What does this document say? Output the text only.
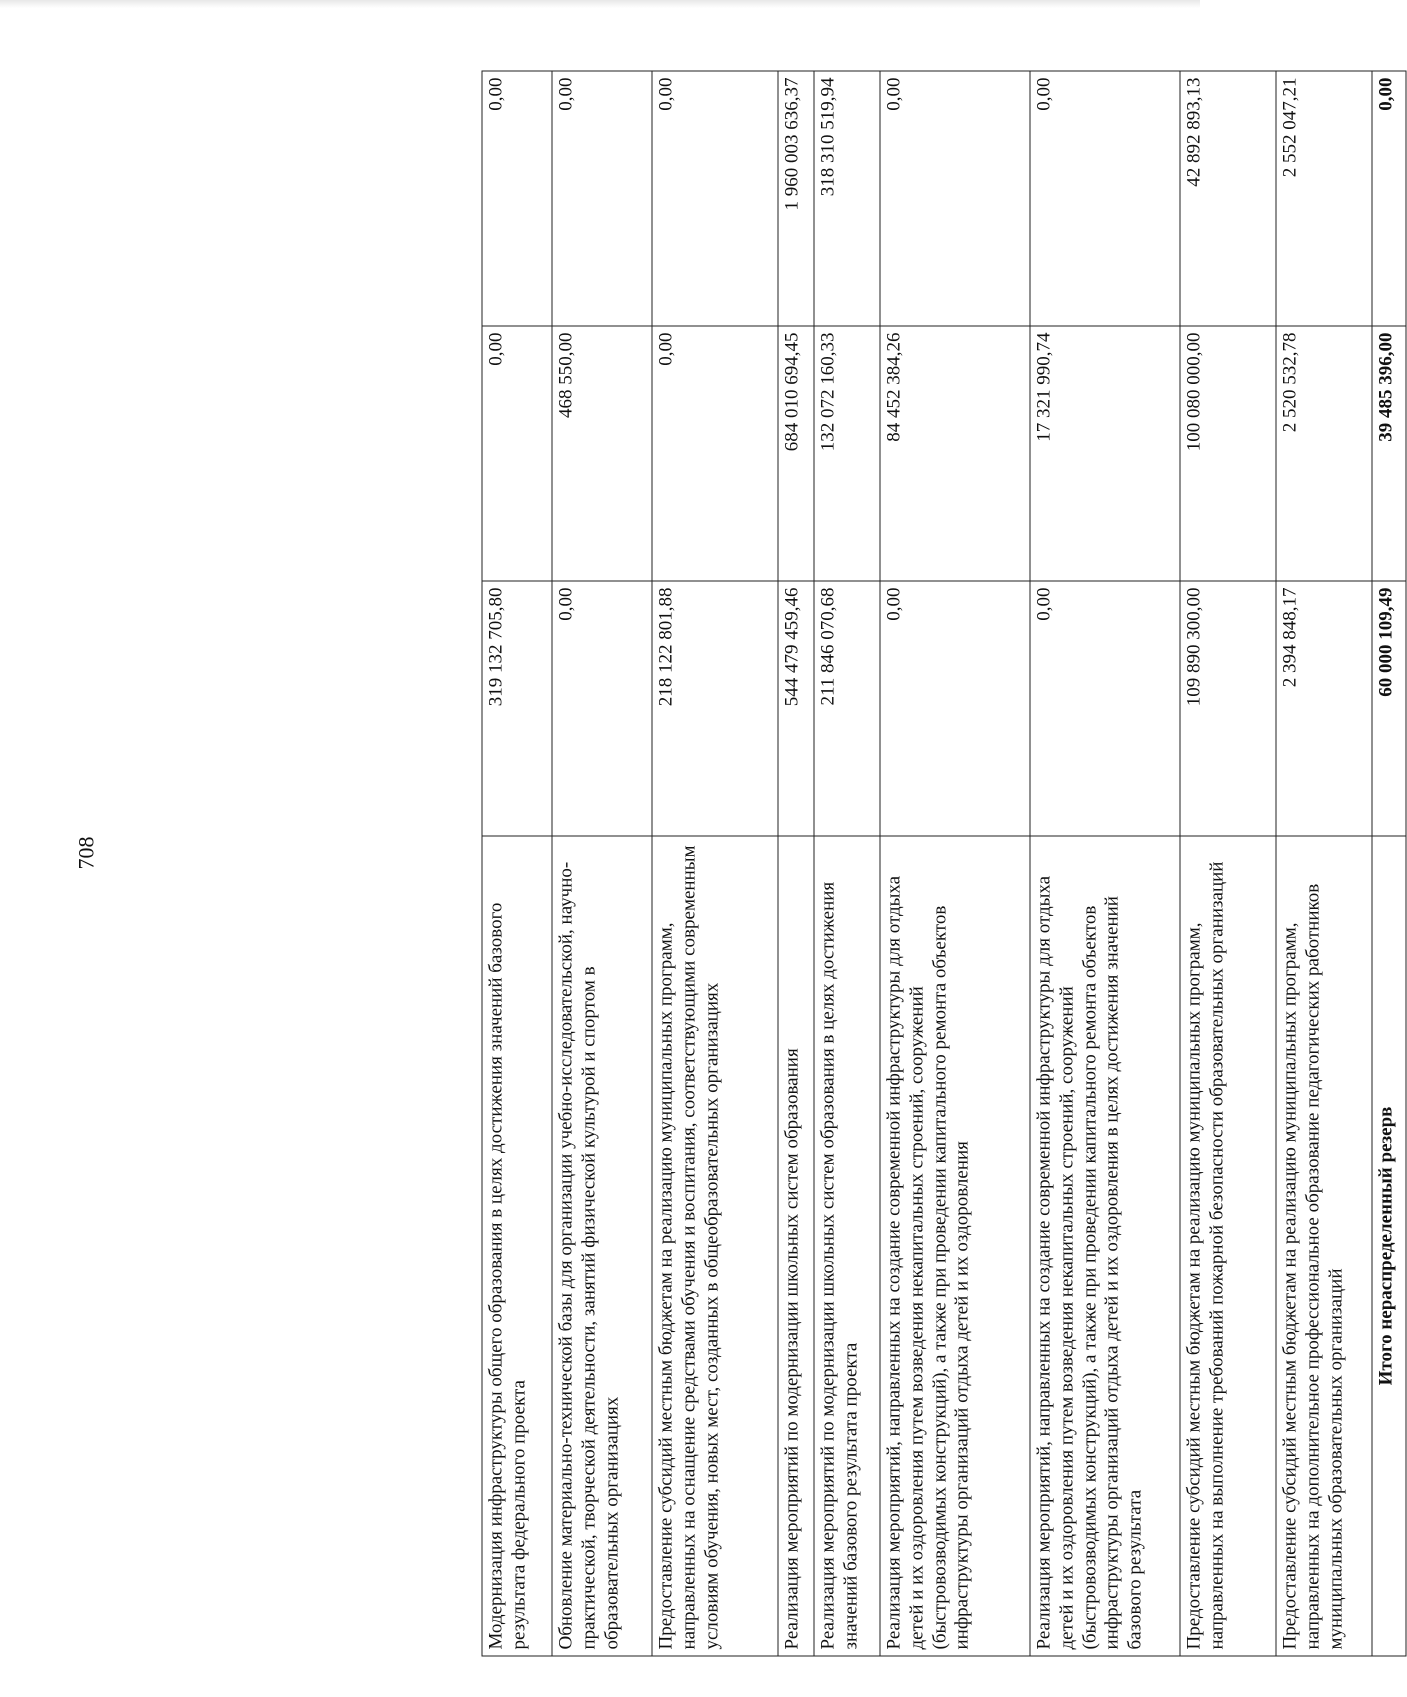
708
Модернизация инфраструктуры общего образования в целях достижения значений базового результата федерального проекта	319 132 705,80	0,00	0,00
Обновление материально-технической базы для организации учебно-исследовательской, научно-практической, творческой деятельности, занятий физической культурой и спортом в образовательных организациях	0,00	468 550,00	0,00
Предоставление субсидий местным бюджетам на реализацию муниципальных программ, направленных на оснащение средствами обучения и воспитания, соответствующими современным условиям обучения, новых мест, созданных в общеобразовательных организациях	218 122 801,88	0,00	0,00
Реализация мероприятий по модернизации школьных систем образования	544 479 459,46	684 010 694,45	1 960 003 636,37
Реализация мероприятий по модернизации школьных систем образования в целях достижения значений базового результата проекта	211 846 070,68	132 072 160,33	318 310 519,94
Реализация мероприятий, направленных на создание современной инфраструктуры для отдыха детей и их оздоровления путем возведения некапитальных строений, сооружений (быстровозводимых конструкций), а также при проведении капитального ремонта объектов инфраструктуры организаций отдыха детей и их оздоровления	0,00	84 452 384,26	0,00
Реализация мероприятий, направленных на создание современной инфраструктуры для отдыха детей и их оздоровления путем возведения некапитальных строений, сооружений (быстровозводимых конструкций), а также при проведении капитального ремонта объектов инфраструктуры организаций отдыха детей и их оздоровления в целях достижения значений базового результата	0,00	17 321 990,74	0,00
Предоставление субсидий местным бюджетам на реализацию муниципальных программ, направленных на выполнение требований пожарной безопасности образовательных организаций	109 890 300,00	100 080 000,00	42 892 893,13
Предоставление субсидий местным бюджетам на реализацию муниципальных программ, направленных на дополнительное профессиональное образование педагогических работников муниципальных образовательных организаций	2 394 848,17	2 520 532,78	2 552 047,21
Итого нераспределенный резерв	60 000 109,49	39 485 396,00	0,00
